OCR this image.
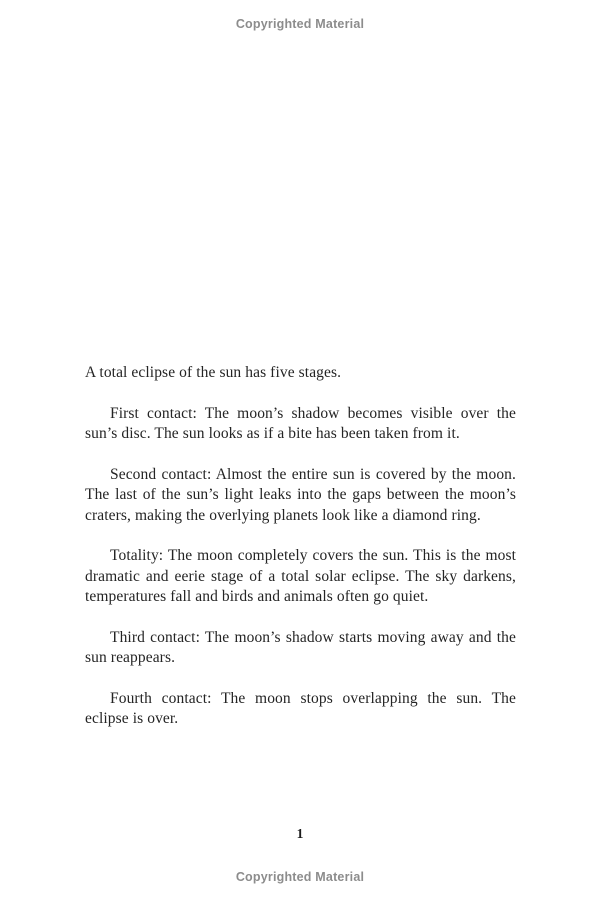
Copyrighted Material

A total eclipse of the sun has five stages.

First contact: The moon’s shadow becomes visible over the sun’s disc. The sun looks as if a bite has been taken from it.

Second contact: Almost the entire sun is covered by the moon. The last of the sun’s light leaks into the gaps between the moon’s craters, making the overlying planets look like a diamond ring.

Totality: The moon completely covers the sun. This is the most dramatic and eerie stage of a total solar eclipse. The sky darkens, temperatures fall and birds and animals often go quiet.

Third contact: The moon’s shadow starts moving away and the sun reappears.

Fourth contact: The moon stops overlapping the sun. The eclipse is over.

1
Copyrighted Material
